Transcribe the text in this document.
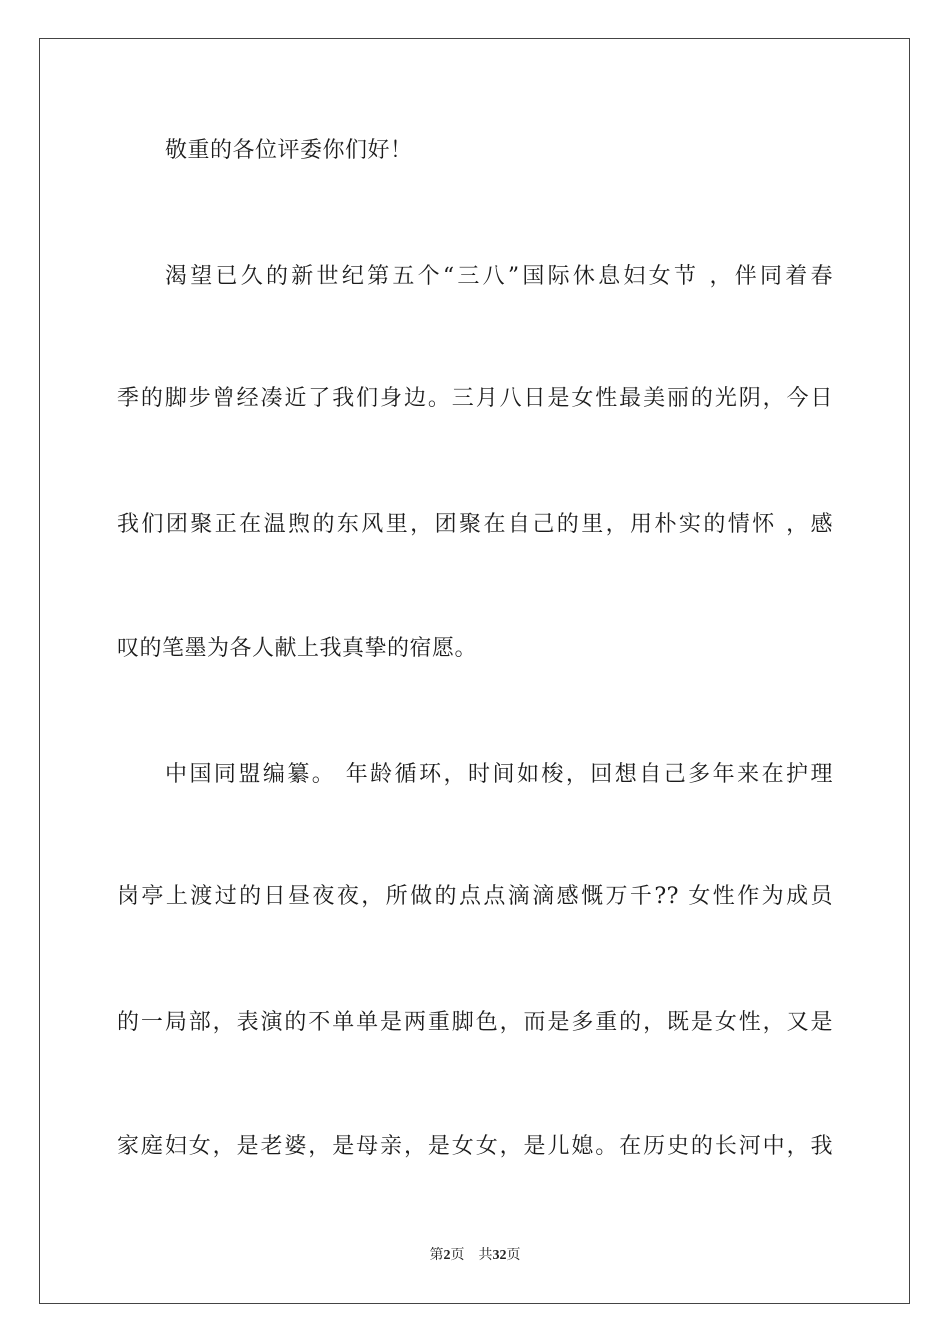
敬重的各位评委你们好！
渴望已久的新世纪第五个“三八”国际休息妇女节 ，伴同着春
季的脚步曾经凑近了我们身边。三月八日是女性最美丽的光阴，今日
我们团聚正在温煦的东风里，团聚在自己的里，用朴实的情怀 ，感
叹的笔墨为各人献上我真挚的宿愿。
中国同盟编纂。 年龄循环，时间如梭，回想自己多年来在护理
岗亭上渡过的日昼夜夜，所做的点点滴滴感慨万千?? 女性作为成员
的一局部，表演的不单单是两重脚色，而是多重的，既是女性，又是
家庭妇女，是老婆，是母亲，是女女，是儿媳。在历史的长河中，我
第2页 共32页
